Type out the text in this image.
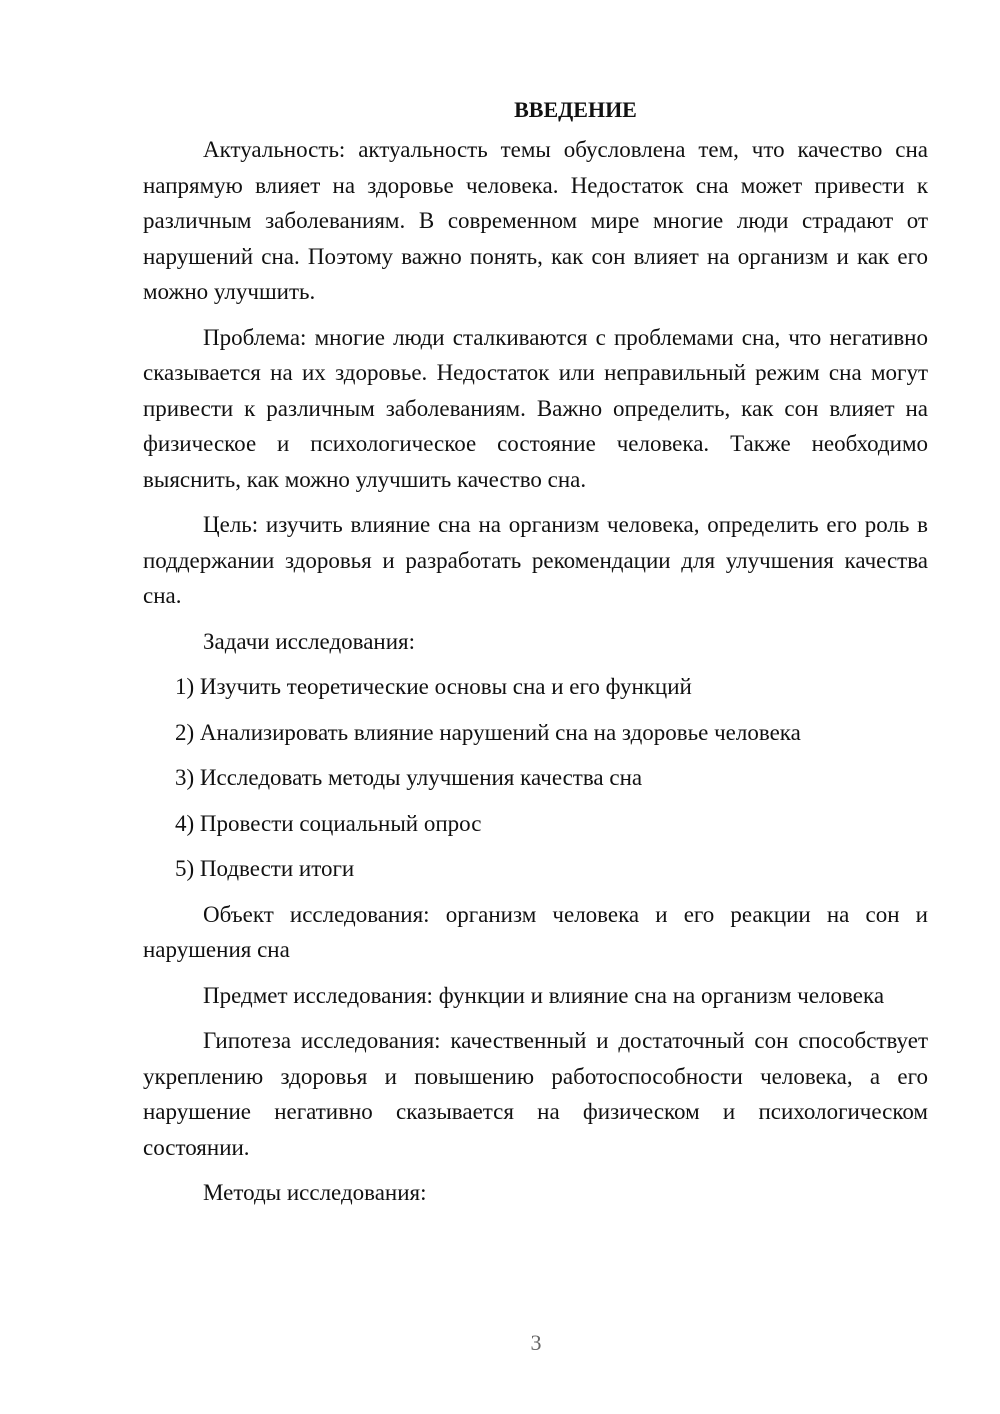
ВВЕДЕНИЕ

Актуальность: актуальность темы обусловлена тем, что качество сна напрямую влияет на здоровье человека. Недостаток сна может привести к различным заболеваниям. В современном мире многие люди страдают от нарушений сна. Поэтому важно понять, как сон влияет на организм и как его можно улучшить.

Проблема: многие люди сталкиваются с проблемами сна, что негативно сказывается на их здоровье. Недостаток или неправильный режим сна могут привести к различным заболеваниям. Важно определить, как сон влияет на физическое и психологическое состояние человека. Также необходимо выяснить, как можно улучшить качество сна.

Цель: изучить влияние сна на организм человека, определить его роль в поддержании здоровья и разработать рекомендации для улучшения качества сна.

Задачи исследования:

1) Изучить теоретические основы сна и его функций
2) Анализировать влияние нарушений сна на здоровье человека
3) Исследовать методы улучшения качества сна
4) Провести социальный опрос
5) Подвести итоги

Объект исследования: организм человека и его реакции на сон и нарушения сна

Предмет исследования: функции и влияние сна на организм человека

Гипотеза исследования: качественный и достаточный сон способствует укреплению здоровья и повышению работоспособности человека, а его нарушение негативно сказывается на физическом и психологическом состоянии.

Методы исследования:

3
